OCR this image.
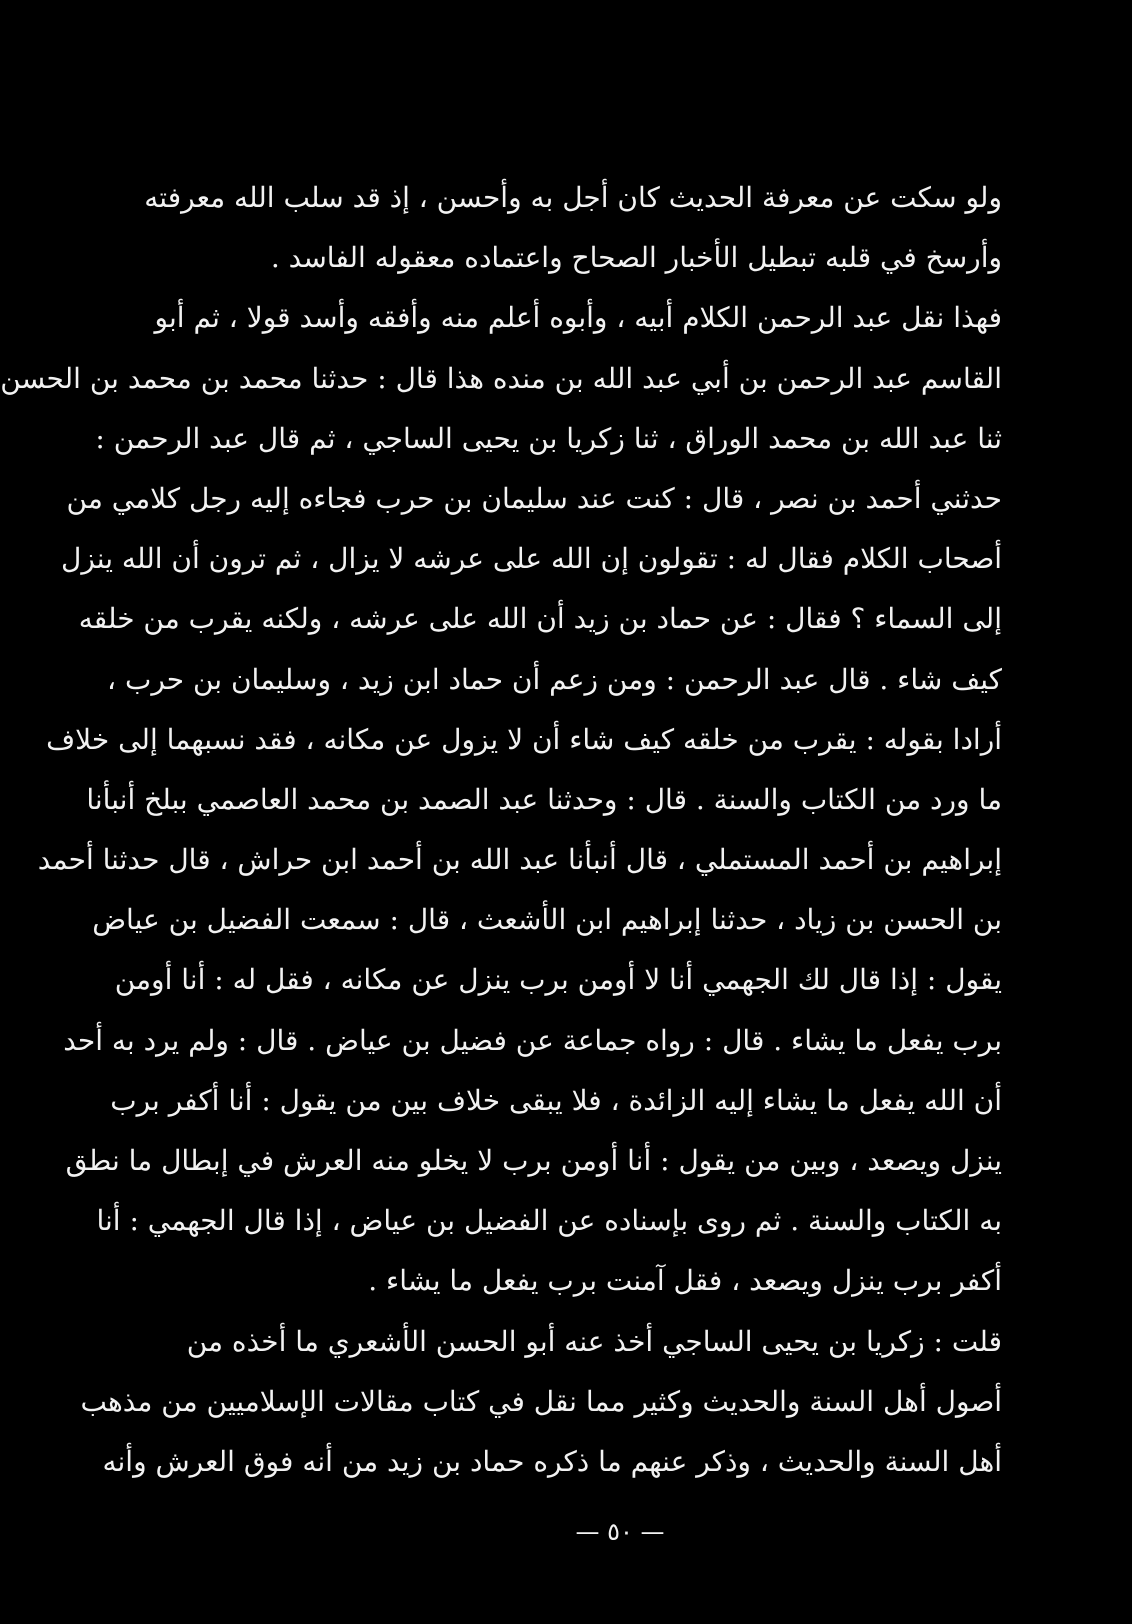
ولو سكت عن معرفة الحديث كان أجل به وأحسن ، إذ قد سلب الله معرفته
وأرسخ في قلبه تبطيل الأخبار الصحاح واعتماده معقوله الفاسد .
فهذا نقل عبد الرحمن الكلام أبيه ، وأبوه أعلم منه وأفقه وأسد قولا ، ثم أبو
القاسم عبد الرحمن بن أبي عبد الله بن منده هذا قال : حدثنا محمد بن محمد بن الحسن
ثنا عبد الله بن محمد الوراق ، ثنا زكريا بن يحيى الساجي ، ثم قال عبد الرحمن :
حدثني أحمد بن نصر ، قال : كنت عند سليمان بن حرب فجاءه إليه رجل كلامي من
أصحاب الكلام فقال له : تقولون إن الله على عرشه لا يزال ، ثم ترون أن الله ينزل
إلى السماء ؟ فقال : عن حماد بن زيد أن الله على عرشه ، ولكنه يقرب من خلقه
كيف شاء . قال عبد الرحمن : ومن زعم أن حماد ابن زيد ، وسليمان بن حرب ،
أرادا بقوله : يقرب من خلقه كيف شاء أن لا يزول عن مكانه ، فقد نسبهما إلى خلاف
ما ورد من الكتاب والسنة . قال : وحدثنا عبد الصمد بن محمد العاصمي ببلخ أنبأنا
إبراهيم بن أحمد المستملي ، قال أنبأنا عبد الله بن أحمد ابن حراش ، قال حدثنا أحمد
بن الحسن بن زياد ، حدثنا إبراهيم ابن الأشعث ، قال : سمعت الفضيل بن عياض
يقول : إذا قال لك الجهمي أنا لا أومن برب ينزل عن مكانه ، فقل له : أنا أومن
برب يفعل ما يشاء . قال : رواه جماعة عن فضيل بن عياض . قال : ولم يرد به أحد
أن الله يفعل ما يشاء إليه الزائدة ، فلا يبقى خلاف بين من يقول : أنا أكفر برب
ينزل ويصعد ، وبين من يقول : أنا أومن برب لا يخلو منه العرش في إبطال ما نطق
به الكتاب والسنة . ثم روى بإسناده عن الفضيل بن عياض ، إذا قال الجهمي : أنا
أكفر برب ينزل ويصعد ، فقل آمنت برب يفعل ما يشاء .
قلت : زكريا بن يحيى الساجي أخذ عنه أبو الحسن الأشعري ما أخذه من
أصول أهل السنة والحديث وكثير مما نقل في كتاب مقالات الإسلاميين من مذهب
أهل السنة والحديث ، وذكر عنهم ما ذكره حماد بن زيد من أنه فوق العرش وأنه
— ٥٠ —
